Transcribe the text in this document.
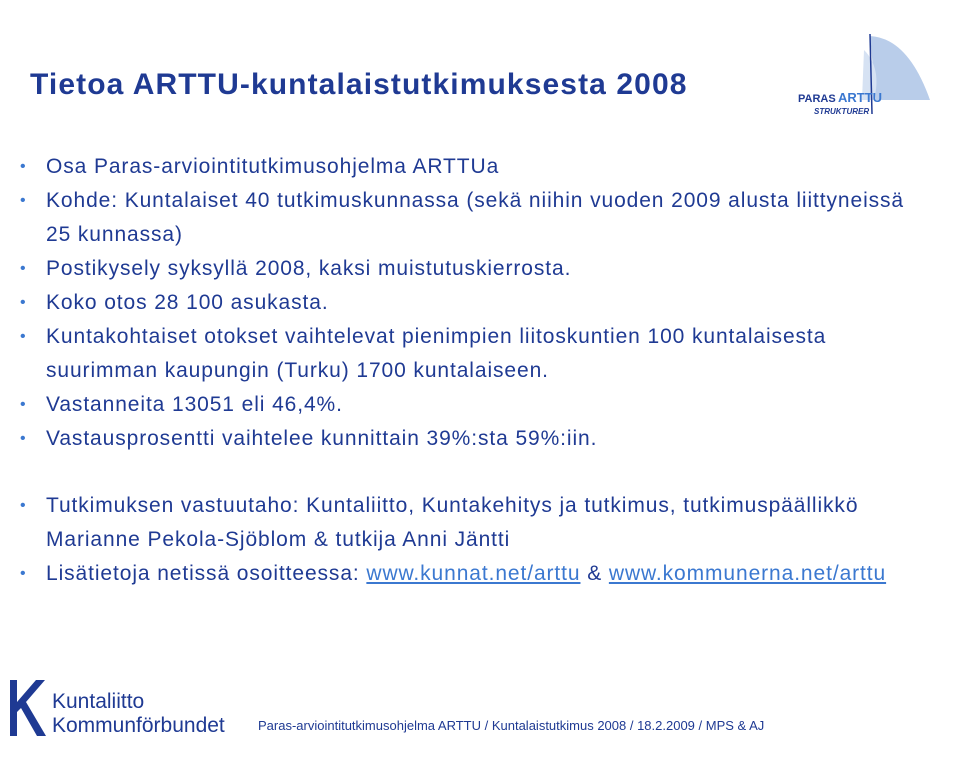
Tietoa ARTTU-kuntalaistutkimuksesta 2008	PARAS ARTTU
STRUKTURER
• Osa Paras-arviointitutkimusohjelma ARTTUa
• Kohde: Kuntalaiset 40 tutkimuskunnassa (sekä niihin vuoden 2009 alusta liittyneissä 25 kunnassa)
• Postikysely syksyllä 2008, kaksi muistutuskierrosta.
• Koko otos 28 100 asukasta.
• Kuntakohtaiset otokset vaihtelevat pienimpien liitoskuntien 100 kuntalaisesta suurimman kaupungin (Turku) 1700 kuntalaiseen.
• Vastanneita 13051 eli 46,4%.
• Vastausprosentti vaihtelee kunnittain 39%:sta 59%:iin.
• Tutkimuksen vastuutaho: Kuntaliitto, Kuntakehitys ja tutkimus, tutkimuspäällikkö Marianne Pekola-Sjöblom & tutkija Anni Jäntti
• Lisätietoja netissä osoitteessa: www.kunnat.net/arttu & www.kommunerna.net/arttu
Kuntaliitto
Kommunförbundet	Paras-arviointitutkimusohjelma ARTTU / Kuntalaistutkimus 2008 / 18.2.2009 / MPS & AJ
